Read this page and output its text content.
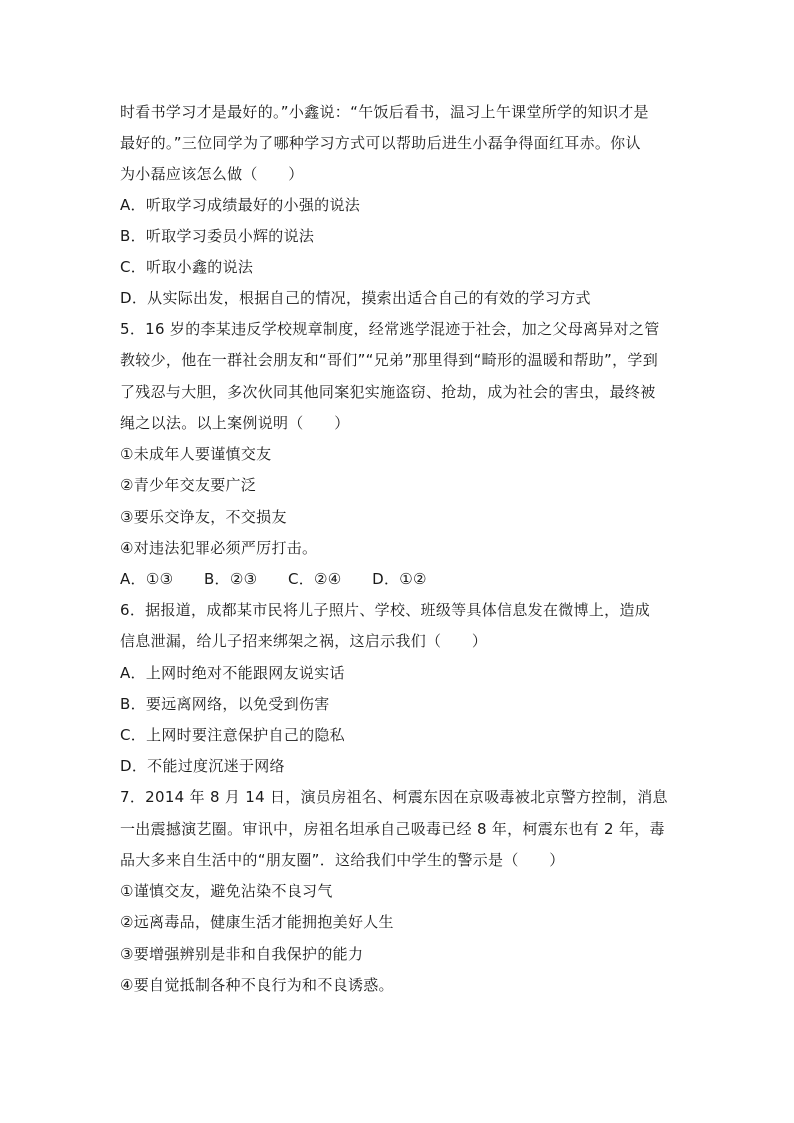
时看书学习才是最好的。”小鑫说：“午饭后看书，温习上午课堂所学的知识才是
最好的。”三位同学为了哪种学习方式可以帮助后进生小磊争得面红耳赤。你认
为小磊应该怎么做（　　）
A．听取学习成绩最好的小强的说法
B．听取学习委员小辉的说法
C．听取小鑫的说法
D．从实际出发，根据自己的情况，摸索出适合自己的有效的学习方式
5．16 岁的李某违反学校规章制度，经常逃学混迹于社会，加之父母离异对之管
教较少，他在一群社会朋友和“哥们”“兄弟”那里得到“畸形的温暖和帮助”，学到
了残忍与大胆，多次伙同其他同案犯实施盗窃、抢劫，成为社会的害虫，最终被
绳之以法。以上案例说明（　　）
①未成年人要谨慎交友
②青少年交友要广泛
③要乐交诤友，不交损友
④对违法犯罪必须严厉打击。
A．①③　　B．②③　　C．②④　　D．①②
6．据报道，成都某市民将儿子照片、学校、班级等具体信息发在微博上，造成
信息泄漏，给儿子招来绑架之祸，这启示我们（　　）
A．上网时绝对不能跟网友说实话
B．要远离网络，以免受到伤害
C．上网时要注意保护自己的隐私
D．不能过度沉迷于网络
7．2014 年 8 月 14 日，演员房祖名、柯震东因在京吸毒被北京警方控制，消息
一出震撼演艺圈。审讯中，房祖名坦承自己吸毒已经 8 年，柯震东也有 2 年，毒
品大多来自生活中的“朋友圈”．这给我们中学生的警示是（　　）
①谨慎交友，避免沾染不良习气
②远离毒品，健康生活才能拥抱美好人生
③要增强辨别是非和自我保护的能力
④要自觉抵制各种不良行为和不良诱惑。
